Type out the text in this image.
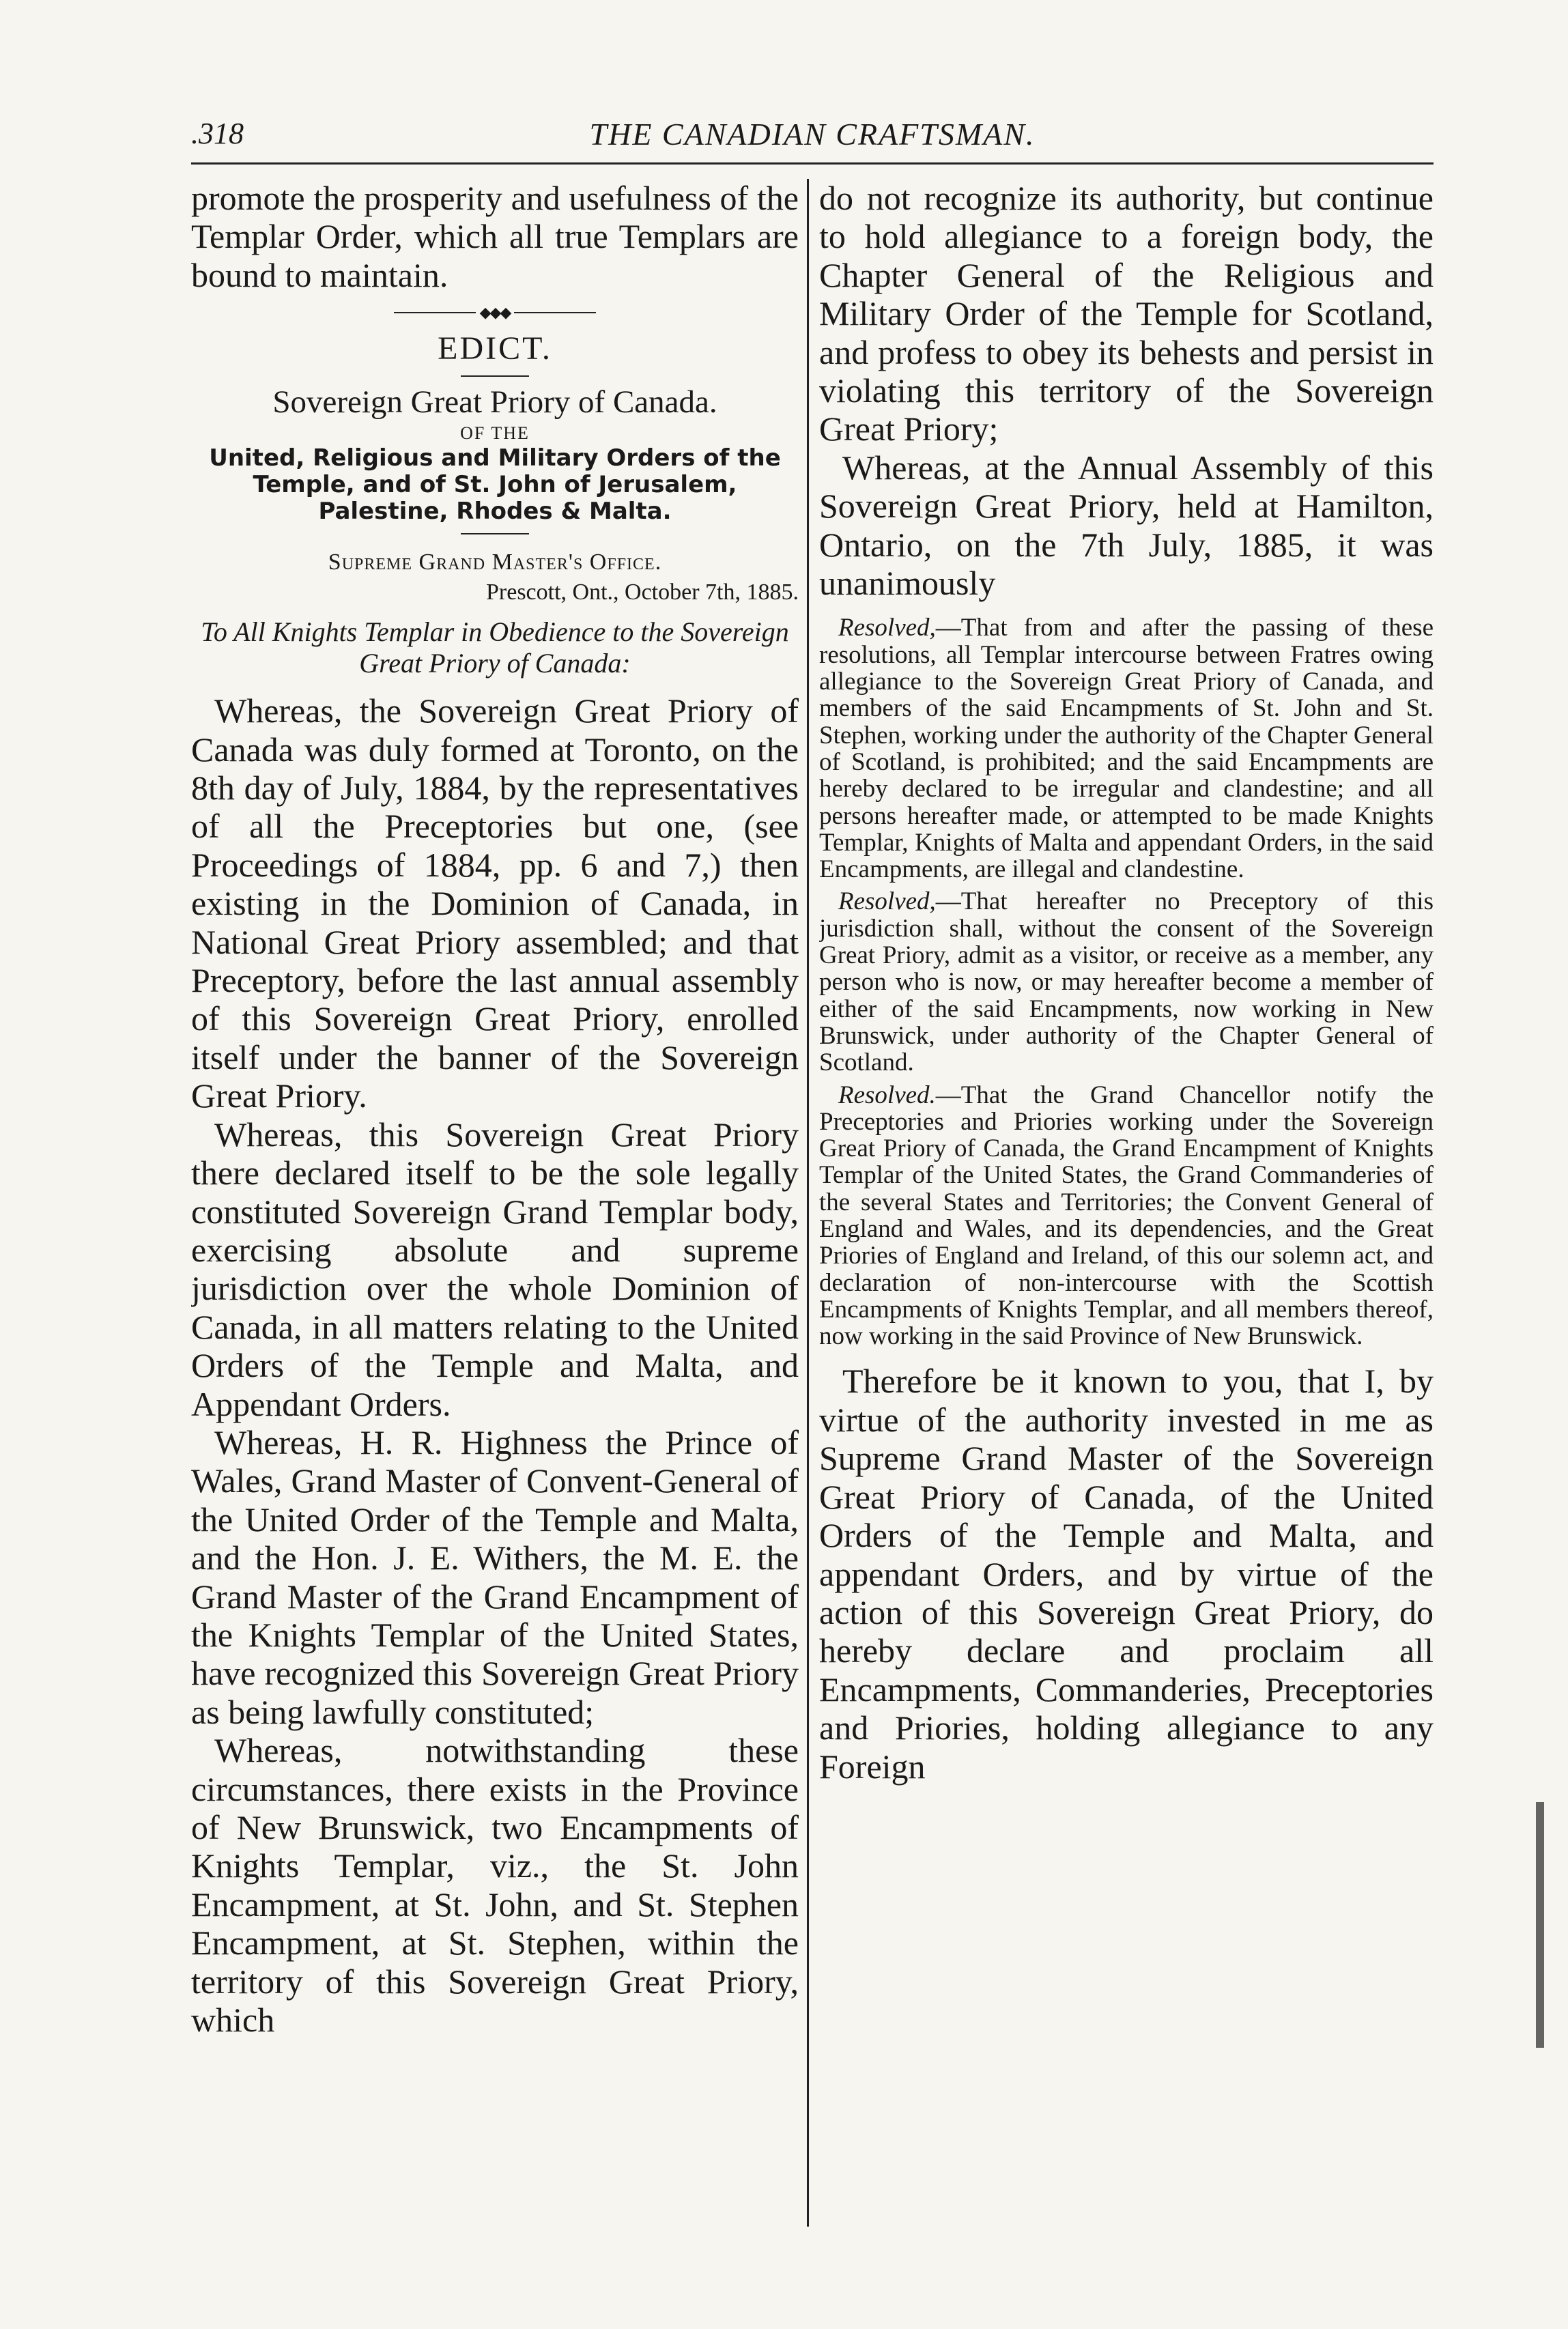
.318	THE CANADIAN CRAFTSMAN.

promote the prosperity and usefulness of the Templar Order, which all true Templars are bound to maintain.

◆◆◆
EDICT.
Sovereign Great Priory of Canada.
OF THE
United, Religious and Military Orders of the Temple, and of St. John of Jerusalem, Palestine, Rhodes & Malta.
Supreme Grand Master's Office.
Prescott, Ont., October 7th, 1885.
To All Knights Templar in Obedience to the Sovereign Great Priory of Canada:

Whereas, the Sovereign Great Priory of Canada was duly formed at Toronto, on the 8th day of July, 1884, by the representatives of all the Preceptories but one, (see Proceedings of 1884, pp. 6 and 7,) then existing in the Dominion of Canada, in National Great Priory assembled; and that Preceptory, before the last annual assembly of this Sovereign Great Priory, enrolled itself under the banner of the Sovereign Great Priory.

Whereas, this Sovereign Great Priory there declared itself to be the sole legally constituted Sovereign Grand Templar body, exercising absolute and supreme jurisdiction over the whole Dominion of Canada, in all matters relating to the United Orders of the Temple and Malta, and Appendant Orders.

Whereas, H. R. Highness the Prince of Wales, Grand Master of Convent-General of the United Order of the Temple and Malta, and the Hon. J. E. Withers, the M. E. the Grand Master of the Grand Encampment of the Knights Templar of the United States, have recognized this Sovereign Great Priory as being lawfully constituted;

Whereas, notwithstanding these circumstances, there exists in the Province of New Brunswick, two Encampments of Knights Templar, viz., the St. John Encampment, at St. John, and St. Stephen Encampment, at St. Stephen, within the territory of this Sovereign Great Priory, which

do not recognize its authority, but continue to hold allegiance to a foreign body, the Chapter General of the Religious and Military Order of the Temple for Scotland, and profess to obey its behests and persist in violating this territory of the Sovereign Great Priory;

Whereas, at the Annual Assembly of this Sovereign Great Priory, held at Hamilton, Ontario, on the 7th July, 1885, it was unanimously

Resolved,—That from and after the passing of these resolutions, all Templar intercourse between Fratres owing allegiance to the Sovereign Great Priory of Canada, and members of the said Encampments of St. John and St. Stephen, working under the authority of the Chapter General of Scotland, is prohibited; and the said Encampments are hereby declared to be irregular and clandestine; and all persons hereafter made, or attempted to be made Knights Templar, Knights of Malta and appendant Orders, in the said Encampments, are illegal and clandestine.

Resolved,—That hereafter no Preceptory of this jurisdiction shall, without the consent of the Sovereign Great Priory, admit as a visitor, or receive as a member, any person who is now, or may hereafter become a member of either of the said Encampments, now working in New Brunswick, under authority of the Chapter General of Scotland.

Resolved.—That the Grand Chancellor notify the Preceptories and Priories working under the Sovereign Great Priory of Canada, the Grand Encampment of Knights Templar of the United States, the Grand Commanderies of the several States and Territories; the Convent General of England and Wales, and its dependencies, and the Great Priories of England and Ireland, of this our solemn act, and declaration of non-intercourse with the Scottish Encampments of Knights Templar, and all members thereof, now working in the said Province of New Brunswick.

Therefore be it known to you, that I, by virtue of the authority invested in me as Supreme Grand Master of the Sovereign Great Priory of Canada, of the United Orders of the Temple and Malta, and appendant Orders, and by virtue of the action of this Sovereign Great Priory, do hereby declare and proclaim all Encampments, Commanderies, Preceptories and Priories, holding allegiance to any Foreign
